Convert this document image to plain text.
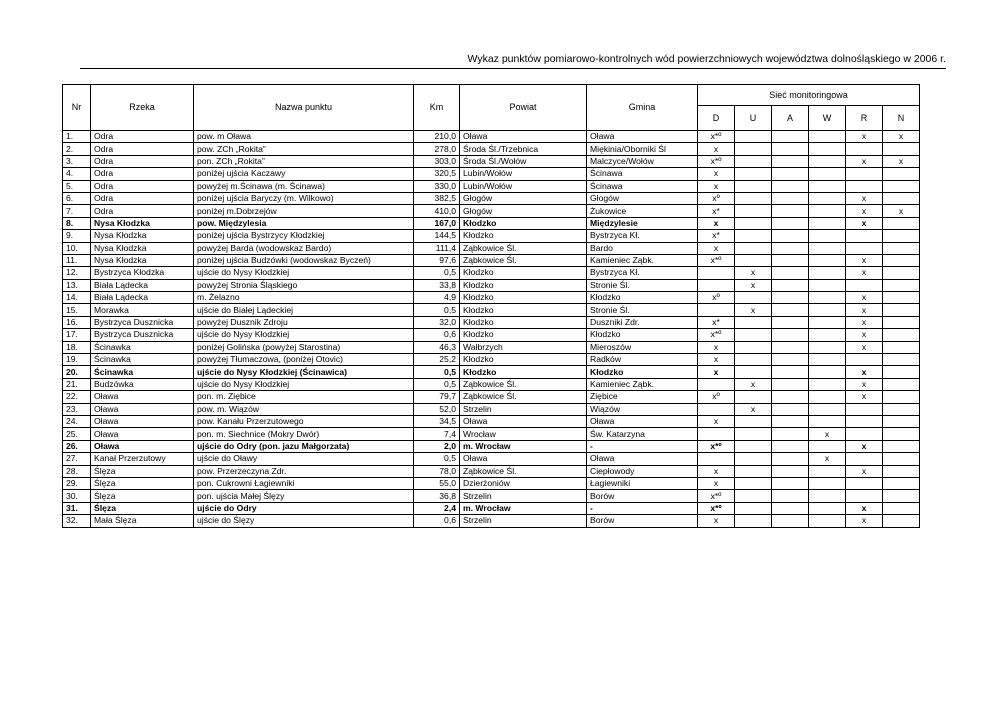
Wykaz punktów pomiarowo-kontrolnych wód powierzchniowych województwa dolnośląskiego w 2006 r.
Nr	Rzeka	Nazwa punktu	Km	Powiat	Gmina	Sieć monitoringowa					
						D	U	A	W	R	N
1.	Odra	pow. m Oława	210,0	Oława	Oława	x*º				x	x
2.	Odra	pow. ZCh „Rokita”	278,0	Środa Śl./Trzebnica	Miękinia/Oborniki Śl	x					
3.	Odra	pon. ZCh „Rokita”	303,0	Środa Śl./Wołów	Malczyce/Wołów	x*º				x	x
4.	Odra	poniżej ujścia Kaczawy	320,5	Lubin/Wołów	Ścinawa	x					
5.	Odra	powyżej m.Ścinawa (m. Ścinawa)	330,0	Lubin/Wołów	Ścinawa	x					
6.	Odra	poniżej ujścia Baryczy (m. Wilkowo)	382,5	Głogów	Głogów	xº				x	
7.	Odra	poniżej m.Dobrzejów	410,0	Głogów	Żukowice	x*				x	x
8.	Nysa Kłodzka	pow. Międzylesia	167,0	Kłodzko	Międzylesie	x				x	
9.	Nysa Kłodzka	poniżej ujścia Bystrzycy Kłodzkiej	144,5	Kłodzko	Bystrzyca Kł.	x*					
10.	Nysa Kłodzka	powyżej Barda (wodowskaz Bardo)	111,4	Ząbkowice Śl.	Bardo	x					
11.	Nysa Kłodzka	poniżej ujścia Budzówki (wodowskaz Byczeń)	97,6	Ząbkowice Śl.	Kamieniec Ząbk.	x*º				x	
12.	Bystrzyca Kłodzka	ujście do Nysy Kłodzkiej	0,5	Kłodzko	Bystrzyca Kł.		x			x	
13.	Biała Lądecka	powyżej Stronia Śląskiego	33,8	Kłodzko	Stronie Śl.		x				
14.	Biała Lądecka	m. Żelazno	4,9	Kłodzko	Kłodzko	xº				x	
15.	Morawka	ujście do Białej Lądeckiej	0,5	Kłodzko	Stronie Śl.		x			x	
16.	Bystrzyca Dusznicka	powyżej Dusznik Zdroju	32,0	Kłodzko	Duszniki Zdr.	x*				x	
17.	Bystrzyca Dusznicka	ujście do Nysy Kłodzkiej	0,6	Kłodzko	Kłodzko	x*º				x	
18.	Ścinawka	poniżej Golińska (powyżej Starostina)	46,3	Wałbrzych	Mieroszów	x				x	
19.	Ścinawka	powyżej Tłumaczowa, (poniżej Otovic)	25,2	Kłodzko	Radków	x					
20.	Ścinawka	ujście do Nysy Kłodzkiej (Ścinawica)	0,5	Kłodzko	Kłodzko	x				x	
21.	Budzówka	ujście do Nysy Kłodzkiej	0,5	Ząbkowice Śl.	Kamieniec Ząbk.		x			x	
22.	Oława	pon. m. Ziębice	79,7	Ząbkowice Śl.	Ziębice	xº				x	
23.	Oława	pow. m. Wiązów	52,0	Strzelin	Wiązów		x				
24.	Oława	pow. Kanału Przerzutowego	34,5	Oława	Oława	x					
25.	Oława	pon. m. Siechnice (Mokry Dwór)	7,4	Wrocław	Św. Katarzyna				x		
26.	Oława	ujście do Odry (pon. jazu Małgorzata)	2,0	m. Wrocław	-	x*º				x	
27.	Kanał Przerzutowy	ujście do Oławy	0,5	Oława	Oława				x		
28.	Ślęza	pow. Przerzeczyna Zdr.	78,0	Ząbkowice Śl.	Ciepłowody	x				x	
29.	Ślęza	pon. Cukrowni Łagiewniki	55,0	Dzierżoniów	Łagiewniki	x					
30.	Ślęza	pon. ujścia Małej Ślęzy	36,8	Strzelin	Borów	x*º					
31.	Ślęza	ujście do Odry	2,4	m. Wrocław	-	x*º				x	
32.	Mała Ślęza	ujście do Ślęzy	0,6	Strzelin	Borów	x				x	
